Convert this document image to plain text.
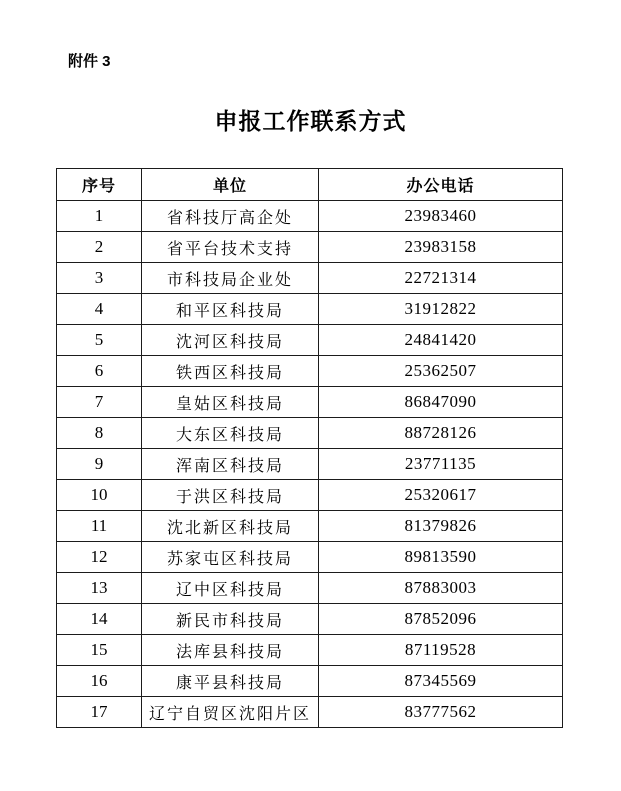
附件 3
申报工作联系方式
序号	单位	办公电话
1	省科技厅高企处	23983460
2	省平台技术支持	23983158
3	市科技局企业处	22721314
4	和平区科技局	31912822
5	沈河区科技局	24841420
6	铁西区科技局	25362507
7	皇姑区科技局	86847090
8	大东区科技局	88728126
9	浑南区科技局	23771135
10	于洪区科技局	25320617
11	沈北新区科技局	81379826
12	苏家屯区科技局	89813590
13	辽中区科技局	87883003
14	新民市科技局	87852096
15	法库县科技局	87119528
16	康平县科技局	87345569
17	辽宁自贸区沈阳片区	83777562
